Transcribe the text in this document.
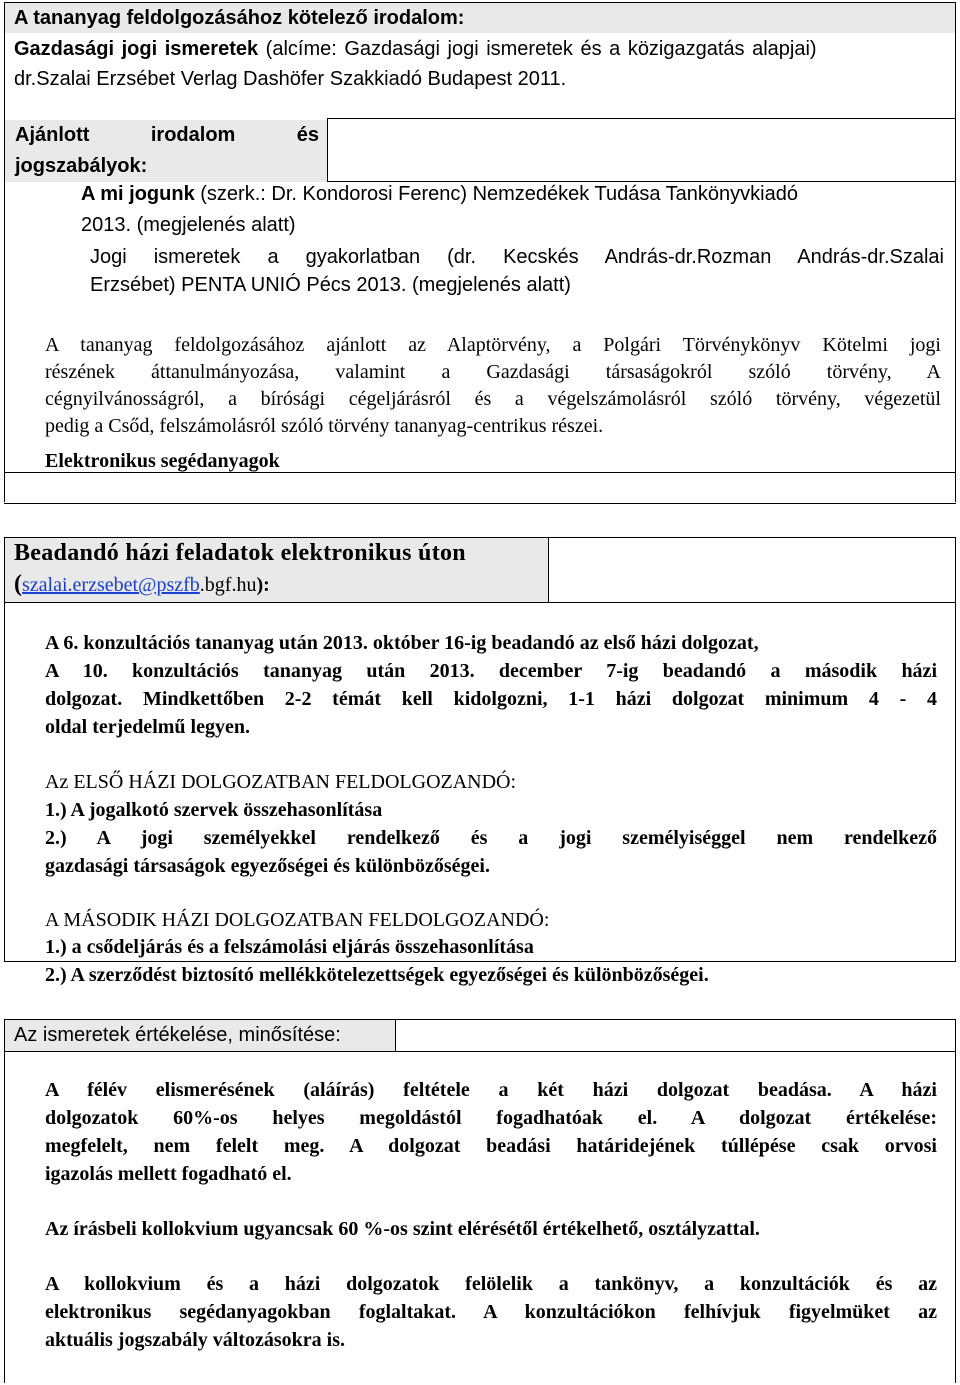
A tananyag feldolgozásához kötelező irodalom:
Gazdasági jogi ismeretek (alcíme: Gazdasági jogi ismeretek és a közigazgatás alapjai)
dr.Szalai Erzsébet Verlag Dashöfer Szakkiadó Budapest 2011.
Ajánlott	irodalom	és
jogszabályok:
A mi jogunk (szerk.: Dr. Kondorosi Ferenc) Nemzedékek Tudása Tankönyvkiadó
2013. (megjelenés alatt)
Jogi ismeretek a gyakorlatban (dr. Kecskés András-dr.Rozman András-dr.Szalai
Erzsébet) PENTA UNIÓ Pécs 2013. (megjelenés alatt)

A tananyag feldolgozásához ajánlott az Alaptörvény, a Polgári Törvénykönyv Kötelmi jogi

részének áttanulmányozása, valamint a Gazdasági társaságokról szóló törvény, A

cégnyilvánosságról, a bírósági cégeljárásról és a végelszámolásról szóló törvény, végezetül

pedig a Csőd, felszámolásról szóló törvény tananyag-centrikus részei.

Elektronikus segédanyagok
Beadandó házi feladatok elektronikus úton
(szalai.erzsebet@pszfb.bgf.hu):

A 6. konzultációs tananyag után 2013. október 16-ig beadandó az első házi dolgozat,

A 10. konzultációs tananyag után 2013. december 7-ig beadandó a második házi

dolgozat. Mindkettőben 2-2 témát kell kidolgozni, 1-1 házi dolgozat minimum 4 - 4

oldal terjedelmű legyen.

Az ELSŐ HÁZI DOLGOZATBAN FELDOLGOZANDÓ:

1.) A jogalkotó szervek összehasonlítása

2.) A jogi személyekkel rendelkező és a jogi személyiséggel nem rendelkező

gazdasági társaságok egyezőségei és különbözőségei.

A MÁSODIK HÁZI DOLGOZATBAN FELDOLGOZANDÓ:

1.) a csődeljárás és a felszámolási eljárás összehasonlítása

2.) A szerződést biztosító mellékkötelezettségek egyezőségei és különbözőségei.

Az ismeretek értékelése, minősítése:

A félév elismerésének (aláírás) feltétele a két házi dolgozat beadása. A házi

dolgozatok 60%-os helyes megoldástól fogadhatóak el. A dolgozat értékelése:

megfelelt, nem felelt meg. A dolgozat beadási határidejének túllépése csak orvosi

igazolás mellett fogadható el.

Az írásbeli kollokvium ugyancsak 60 %-os szint elérésétől értékelhető, osztályzattal.

A kollokvium és a házi dolgozatok felölelik a tankönyv, a konzultációk és az

elektronikus segédanyagokban foglaltakat. A konzultációkon felhívjuk figyelmüket az

aktuális jogszabály változásokra is.
